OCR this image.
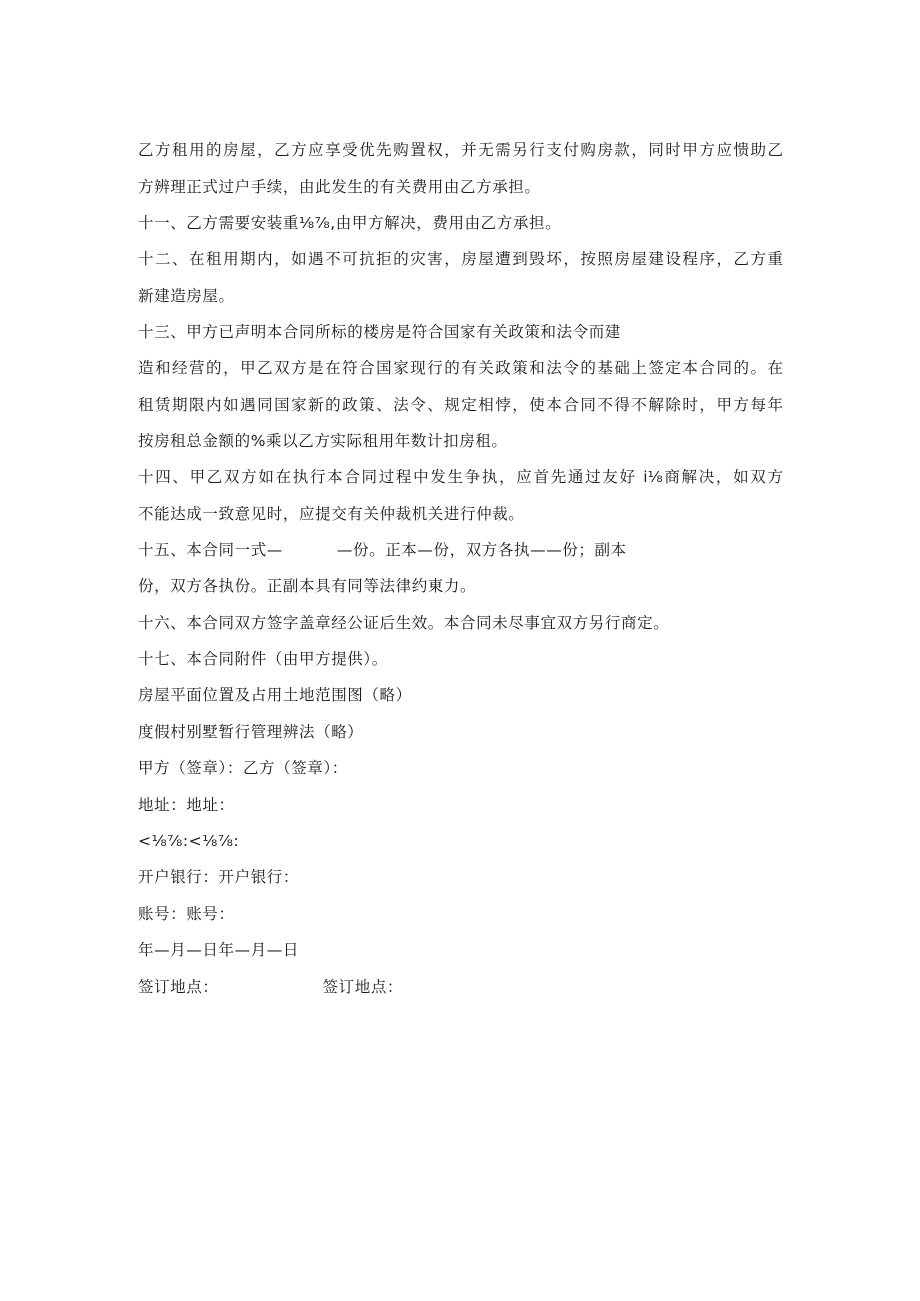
乙方租用的房屋，乙方应享受优先购置权，并无需另行支付购房款，同时甲方应愦助乙
方辨理正式过户手续，由此发生的有关费用由乙方承担。
十一、乙方需要安装重⅛⅞,由甲方解决，费用由乙方承担。
十二、在租用期内，如遇不可抗拒的灾害，房屋遭到毁坏，按照房屋建设程序，乙方重
新建造房屋。
十三、甲方已声明本合同所标的楼房是符合国家有关政策和法令而建
造和经营的，甲乙双方是在符合国家现行的有关政策和法令的基础上签定本合同的。在
租赁期限内如遇同国家新的政策、法令、规定相悖，使本合同不得不解除时，甲方每年
按房租总金额的%乘以乙方实际租用年数计扣房租。
十四、甲乙双方如在执行本合同过程中发生争执，应首先通过友好 i⅛商解决，如双方
不能达成一致意见时，应提交有关仲裁机关进行仲裁。
十五、本合同一式—	—份。正本—份，双方各执——份；副本
份，双方各执份。正副本具有同等法律约東力。
十六、本合同双方签字盖章经公证后生效。本合同未尽事宜双方另行商定。
十七、本合同附件（由甲方提供）。
房屋平面位置及占用土地范围图（略）
度假村别墅暂行管理辨法（略）
甲方（签章）：乙方（签章）：
地址：地址：
<⅛⅞:<⅛⅞:
开户银行：开户银行：
账号：账号：
年—月—日年—月—日
签订地点：	签订地点：
